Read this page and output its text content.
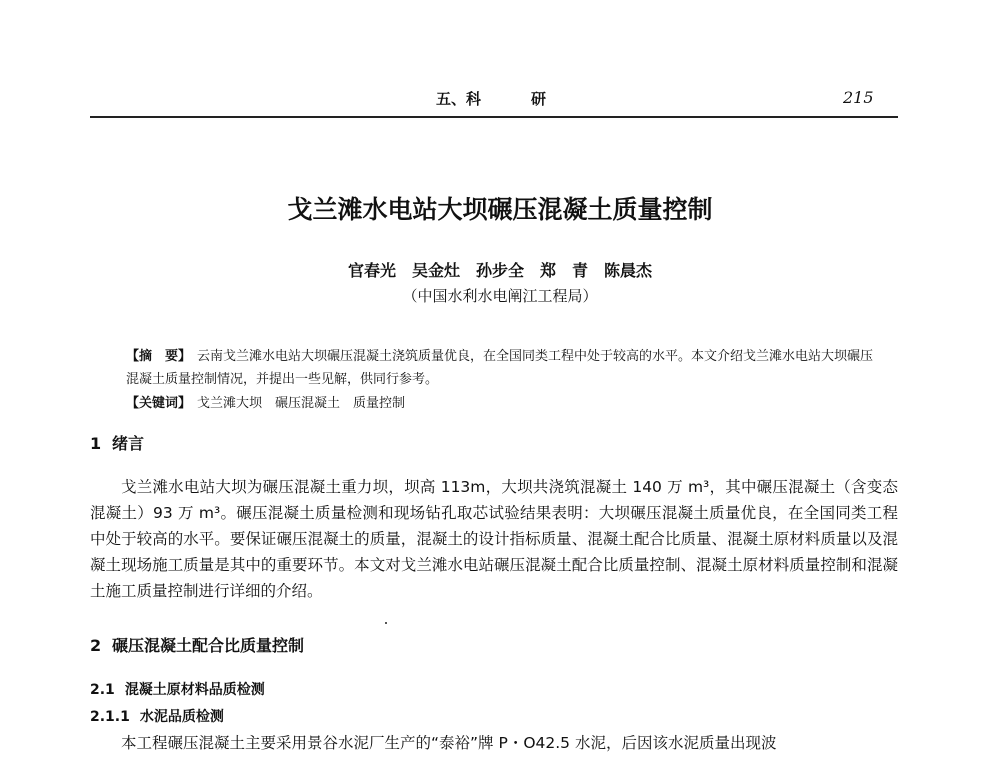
五、科	研	215
戈兰滩水电站大坝碾压混凝土质量控制
官春光　吴金灶　孙步全　郑　青　陈晨杰
（中国水利水电阐江工程局）
【摘　要】 云南戈兰滩水电站大坝碾压混凝土浇筑质量优良，在全国同类工程中处于较高的水平。本文介绍戈兰滩水电站大坝碾压混凝土质量控制情况，并提出一些见解，供同行参考。
【关键词】 戈兰滩大坝　碾压混凝土　质量控制
1 绪言

戈兰滩水电站大坝为碾压混凝土重力坝，坝高 113m，大坝共浇筑混凝土 140 万 m³，其中碾压混凝土（含变态混凝土）93 万 m³。碾压混凝土质量检测和现场钻孔取芯试验结果表明：大坝碾压混凝土质量优良，在全国同类工程中处于较高的水平。要保证碾压混凝土的质量，混凝土的设计指标质量、混凝土配合比质量、混凝土原材料质量以及混凝土现场施工质量是其中的重要环节。本文对戈兰滩水电站碾压混凝土配合比质量控制、混凝土原材料质量控制和混凝土施工质量控制进行详细的介绍。

2 碾压混凝土配合比质量控制
2.1 混凝土原材料品质检测
2.1.1 水泥品质检测

本工程碾压混凝土主要采用景谷水泥厂生产的“泰裕”牌 P・O42.5 水泥，后因该水泥质量出现波
